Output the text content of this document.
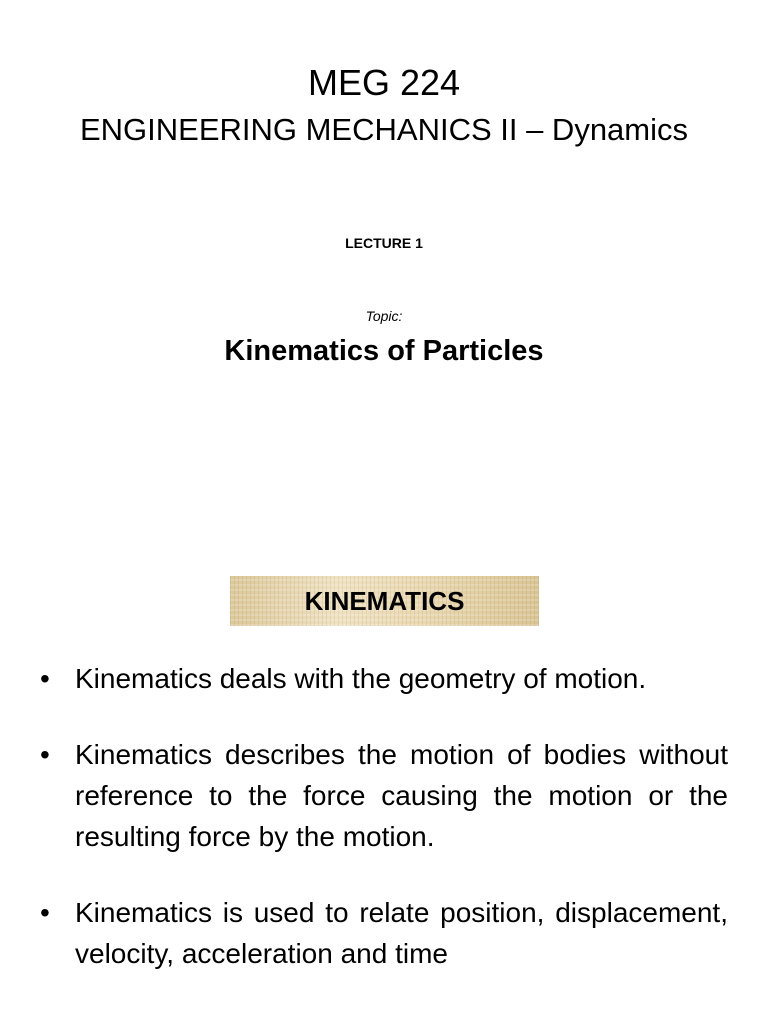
MEG 224
ENGINEERING MECHANICS II – Dynamics
LECTURE 1
Topic:
Kinematics of Particles
KINEMATICS
• Kinematics deals with the geometry of motion.
• Kinematics describes the motion of bodies without reference to the force causing the motion or the resulting force by the motion.
• Kinematics is used to relate position, displacement, velocity, acceleration and time
